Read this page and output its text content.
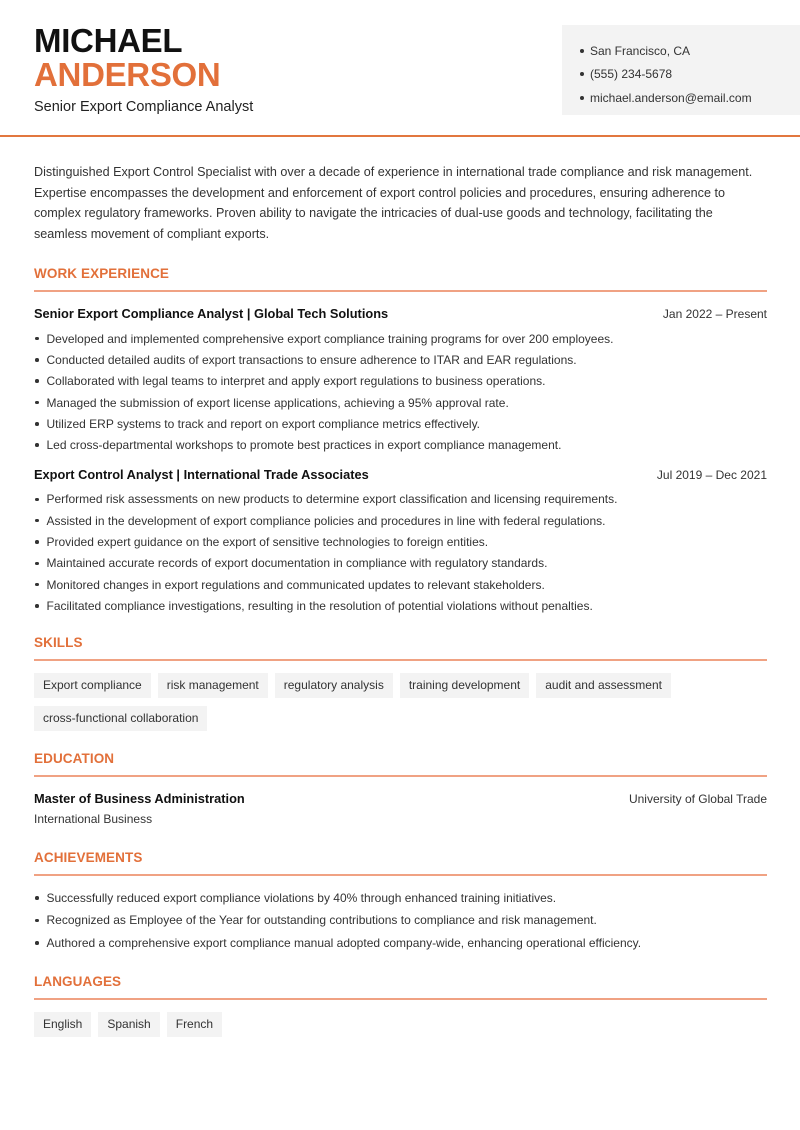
MICHAEL
ANDERSON
Senior Export Compliance Analyst
San Francisco, CA
(555) 234-5678
michael.anderson@email.com

Distinguished Export Control Specialist with over a decade of experience in international trade compliance and risk management. Expertise encompasses the development and enforcement of export control policies and procedures, ensuring adherence to complex regulatory frameworks. Proven ability to navigate the intricacies of dual-use goods and technology, facilitating the seamless movement of compliant exports.

WORK EXPERIENCE
Senior Export Compliance Analyst | Global Tech Solutions	Jan 2022 – Present
Developed and implemented comprehensive export compliance training programs for over 200 employees.
Conducted detailed audits of export transactions to ensure adherence to ITAR and EAR regulations.
Collaborated with legal teams to interpret and apply export regulations to business operations.
Managed the submission of export license applications, achieving a 95% approval rate.
Utilized ERP systems to track and report on export compliance metrics effectively.
Led cross-departmental workshops to promote best practices in export compliance management.
Export Control Analyst | International Trade Associates	Jul 2019 – Dec 2021
Performed risk assessments on new products to determine export classification and licensing requirements.
Assisted in the development of export compliance policies and procedures in line with federal regulations.
Provided expert guidance on the export of sensitive technologies to foreign entities.
Maintained accurate records of export documentation in compliance with regulatory standards.
Monitored changes in export regulations and communicated updates to relevant stakeholders.
Facilitated compliance investigations, resulting in the resolution of potential violations without penalties.
SKILLS
Export compliance	risk management	regulatory analysis	training development	audit and assessment
cross-functional collaboration
EDUCATION
Master of Business Administration	University of Global Trade
International Business
ACHIEVEMENTS
Successfully reduced export compliance violations by 40% through enhanced training initiatives.
Recognized as Employee of the Year for outstanding contributions to compliance and risk management.
Authored a comprehensive export compliance manual adopted company-wide, enhancing operational efficiency.
LANGUAGES
English	Spanish	French
